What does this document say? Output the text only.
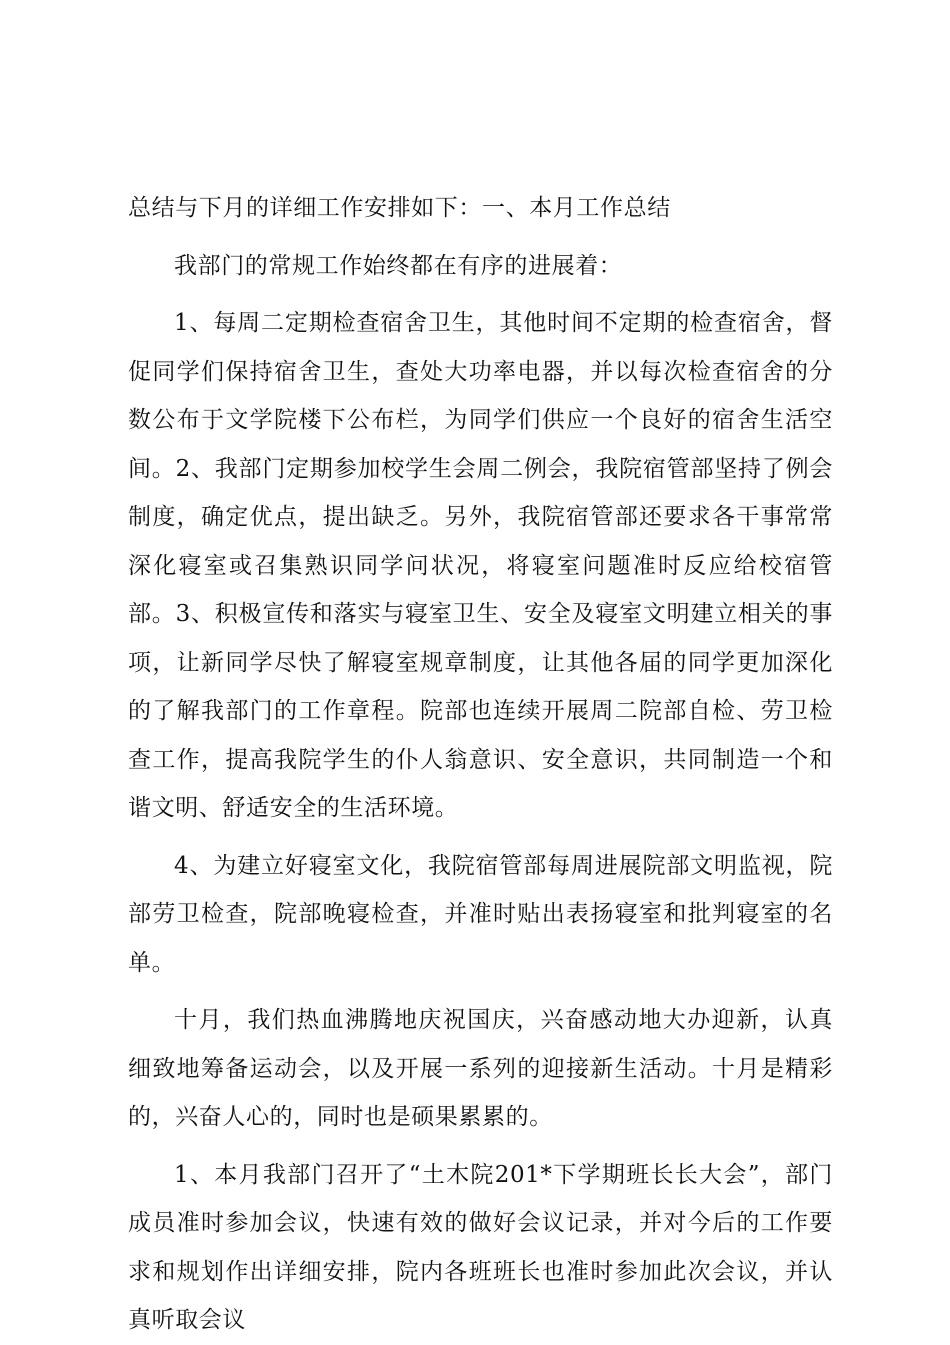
总结与下月的详细工作安排如下：一、本月工作总结

我部门的常规工作始终都在有序的进展着：

1、每周二定期检查宿舍卫生，其他时间不定期的检查宿舍，督促同学们保持宿舍卫生，查处大功率电器，并以每次检查宿舍的分数公布于文学院楼下公布栏，为同学们供应一个良好的宿舍生活空间。2、我部门定期参加校学生会周二例会，我院宿管部坚持了例会制度，确定优点，提出缺乏。另外，我院宿管部还要求各干事常常深化寝室或召集熟识同学问状况，将寝室问题准时反应给校宿管部。3、积极宣传和落实与寝室卫生、安全及寝室文明建立相关的事项，让新同学尽快了解寝室规章制度，让其他各届的同学更加深化的了解我部门的工作章程。院部也连续开展周二院部自检、劳卫检查工作，提高我院学生的仆人翁意识、安全意识，共同制造一个和谐文明、舒适安全的生活环境。

4、为建立好寝室文化，我院宿管部每周进展院部文明监视，院部劳卫检查，院部晚寝检查，并准时贴出表扬寝室和批判寝室的名单。

十月，我们热血沸腾地庆祝国庆，兴奋感动地大办迎新，认真细致地筹备运动会，以及开展一系列的迎接新生活动。十月是精彩的，兴奋人心的，同时也是硕果累累的。

1、本月我部门召开了“土木院201*下学期班长长大会”，部门成员准时参加会议，快速有效的做好会议记录，并对今后的工作要求和规划作出详细安排，院内各班班长也准时参加此次会议，并认真听取会议
